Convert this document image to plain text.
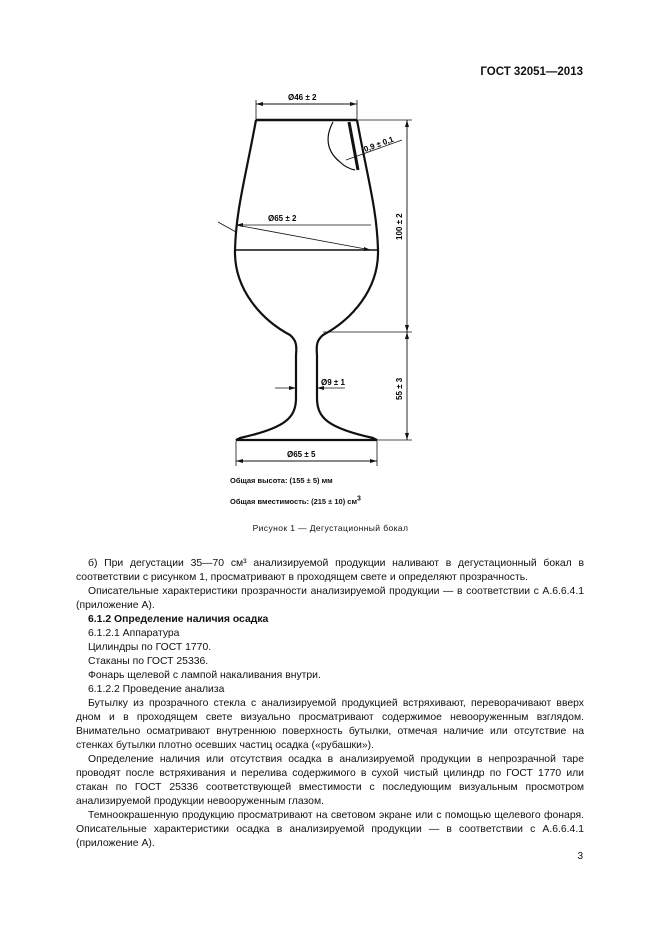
ГОСТ 32051—2013
Ø46 ± 2
0,9 ± 0,1
Ø65 ± 2	100 ± 2
55 ± 3
Ø9 ± 1
Ø65 ± 5
Общая высота: (155 ± 5) мм
Общая вместимость: (215 ± 10) $см^3$
Рисунок 1 — Дегустационный бокал

б) При дегустации 35—70 см³ анализируемой продукции наливают в дегустационный бокал в соответствии с рисунком 1, просматривают в проходящем свете и определяют прозрачность.

Описательные характеристики прозрачности анализируемой продукции — в соответствии с А.6.6.4.1 (приложение А).

6.1.2 Определение наличия осадка

6.1.2.1 Аппаратура

Цилиндры по ГОСТ 1770.

Стаканы по ГОСТ 25336.

Фонарь щелевой с лампой накаливания внутри.

6.1.2.2 Проведение анализа

Бутылку из прозрачного стекла с анализируемой продукцией встряхивают, переворачивают вверх дном и в проходящем свете визуально просматривают содержимое невооруженным взглядом. Внимательно осматривают внутреннюю поверхность бутылки, отмечая наличие или отсутствие на стенках бутылки плотно осевших частиц осадка («рубашки»).

Определение наличия или отсутствия осадка в анализируемой продукции в непрозрачной таре проводят после встряхивания и перелива содержимого в сухой чистый цилиндр по ГОСТ 1770 или стакан по ГОСТ 25336 соответствующей вместимости с последующим визуальным просмотром анализируемой продукции невооруженным глазом.

Темноокрашенную продукцию просматривают на световом экране или с помощью щелевого фонаря. Описательные характеристики осадка в анализируемой продукции — в соответствии с А.6.6.4.1 (приложение А).

3
